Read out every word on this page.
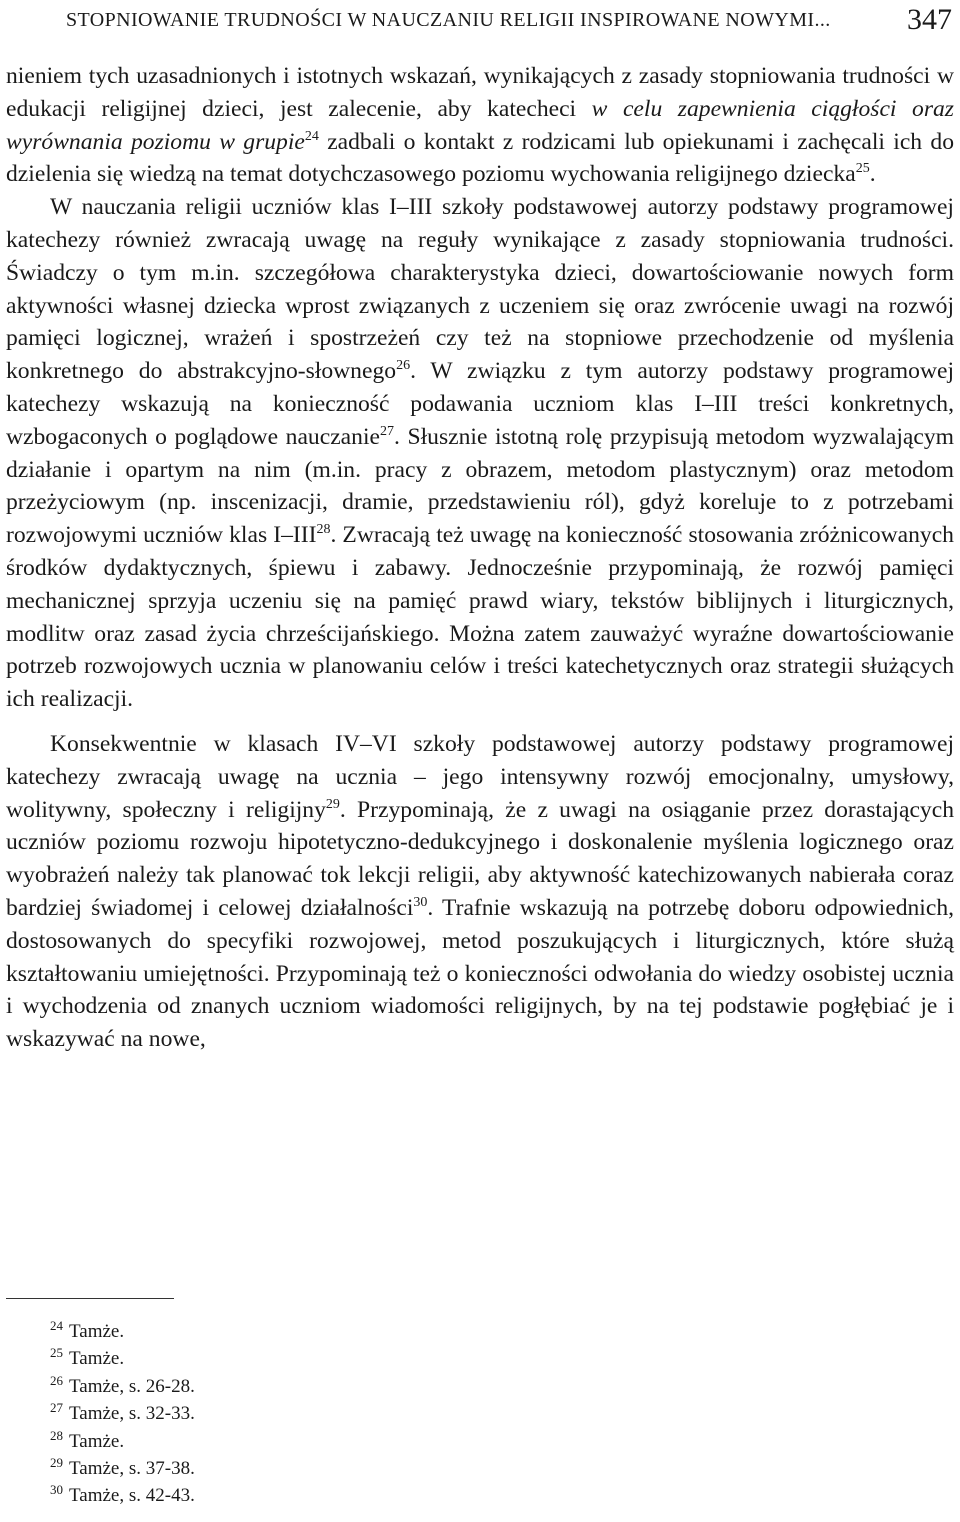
STOPNIOWANIE TRUDNOŚCI W NAUCZANIU RELIGII INSPIROWANE NOWYMI...	347

nieniem tych uzasadnionych i istotnych wskazań, wynikających z zasady stopniowania trudności w edukacji religijnej dzieci, jest zalecenie, aby katecheci w celu zapewnienia ciągłości oraz wyrównania poziomu w grupie$^{24}$ zadbali o kontakt z rodzicami lub opiekunami i zachęcali ich do dzielenia się wiedzą na temat dotychczasowego poziomu wychowania religijnego dziecka$^{25}$.

W nauczania religii uczniów klas I–III szkoły podstawowej autorzy podstawy programowej katechezy również zwracają uwagę na reguły wynikające z zasady stopniowania trudności. Świadczy o tym m.in. szczegółowa charakterystyka dzieci, dowartościowanie nowych form aktywności własnej dziecka wprost związanych z uczeniem się oraz zwrócenie uwagi na rozwój pamięci logicznej, wrażeń i spostrzeżeń czy też na stopniowe przechodzenie od myślenia konkretnego do abstrakcyjno-słownego$^{26}$. W związku z tym autorzy podstawy programowej katechezy wskazują na konieczność podawania uczniom klas I–III treści konkretnych, wzbogaconych o poglądowe nauczanie$^{27}$. Słusznie istotną rolę przypisują metodom wyzwalającym działanie i opartym na nim (m.in. pracy z obrazem, metodom plastycznym) oraz metodom przeżyciowym (np. inscenizacji, dramie, przedstawieniu ról), gdyż koreluje to z potrzebami rozwojowymi uczniów klas I–III$^{28}$. Zwracają też uwagę na konieczność stosowania zróżnicowanych środków dydaktycznych, śpiewu i zabawy. Jednocześnie przypominają, że rozwój pamięci mechanicznej sprzyja uczeniu się na pamięć prawd wiary, tekstów biblijnych i liturgicznych, modlitw oraz zasad życia chrześcijańskiego. Można zatem zauważyć wyraźne dowartościowanie potrzeb rozwojowych ucznia w planowaniu celów i treści katechetycznych oraz strategii służących ich realizacji.

Konsekwentnie w klasach IV–VI szkoły podstawowej autorzy podstawy programowej katechezy zwracają uwagę na ucznia – jego intensywny rozwój emocjonalny, umysłowy, wolitywny, społeczny i religijny$^{29}$. Przypominają, że z uwagi na osiąganie przez dorastających uczniów poziomu rozwoju hipotetyczno-dedukcyjnego i doskonalenie myślenia logicznego oraz wyobrażeń należy tak planować tok lekcji religii, aby aktywność katechizowanych nabierała coraz bardziej świadomej i celowej działalności$^{30}$. Trafnie wskazują na potrzebę doboru odpowiednich, dostosowanych do specyfiki rozwojowej, metod poszukujących i liturgicznych, które służą kształtowaniu umiejętności. Przypominają też o konieczności odwołania do wiedzy osobistej ucznia i wychodzenia od znanych uczniom wiadomości religijnych, by na tej podstawie pogłębiać je i wskazywać na nowe,

$^{24}$ Tamże.
$^{25}$ Tamże.
$^{26}$ Tamże, s. 26-28.
$^{27}$ Tamże, s. 32-33.
$^{28}$ Tamże.
$^{29}$ Tamże, s. 37-38.
$^{30}$ Tamże, s. 42-43.
